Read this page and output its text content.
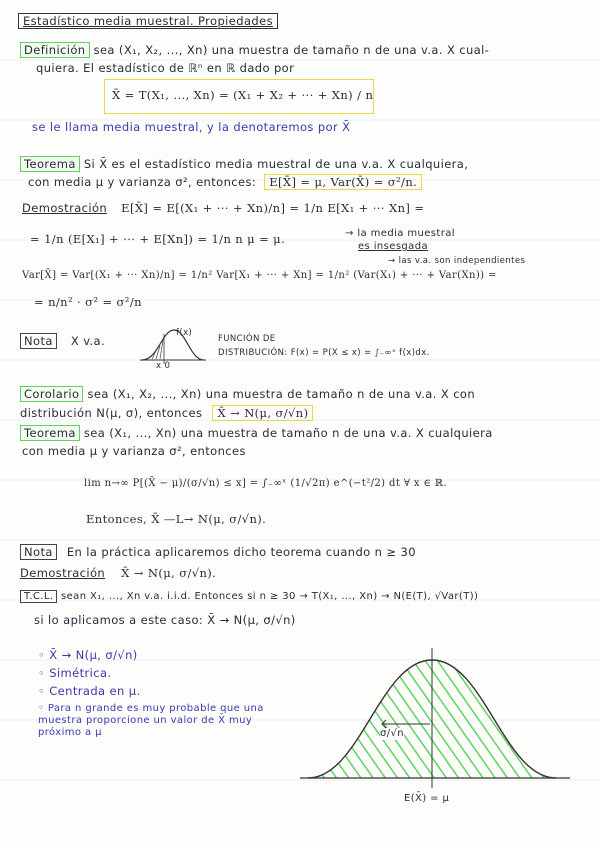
Estadístico media muestral. Propiedades
Definición sea (X₁, X₂, ..., Xn) una muestra de tamaño n de una v.a. X cual-
quiera. El estadístico de ℝⁿ en ℝ dado por
X̄ = T(X₁, ..., Xn) = (X₁ + X₂ + ··· + Xn) / n
se le llama media muestral, y la denotaremos por X̄
Teorema Si X̄ es el estadístico media muestral de una v.a. X cualquiera,
con media μ y varianza σ², entonces: E[X̄] = μ, Var(X̄) = σ²/n.
Demostración E[X̄] = E[(X₁ + ··· + Xn)/n] = 1/n E[X₁ + ··· Xn] =
= 1/n (E[X₁] + ··· + E[Xn]) = 1/n n μ = μ.	→ la media muestral
es insesgada
Var[X̄] = Var[(X₁ + ··· Xn)/n] = 1/n² Var[X₁ + ··· + Xn] = 1/n² (Var(X₁) + ··· + Var(Xn)) =
→ las v.a. son independientes
= n/n² · σ² = σ²/n
Nota X v.a.
f(x)
x 0
FUNCIÓN DE
DISTRIBUCIÓN: F(x) = P(X ≤ x) = ∫₋∞ˣ f(x)dx.
Corolario sea (X₁, X₂, ..., Xn) una muestra de tamaño n de una v.a. X con
distribución N(μ, σ), entonces X̄ → N(μ, σ/√n)
Teorema sea (X₁, ..., Xn) una muestra de tamaño n de una v.a. X cualquiera
con media μ y varianza σ², entonces
lim n→∞ P[(X̄ − μ)/(σ/√n) ≤ x] = ∫₋∞ˣ (1/√2π) e^(−t²/2) dt ∀ x ∈ ℝ.
Entonces, X̄ —L→ N(μ, σ/√n).
Nota En la práctica aplicaremos dicho teorema cuando n ≥ 30
Demostración X̄ → N(μ, σ/√n).
T.C.L. sean X₁, ..., Xn v.a. i.i.d. Entonces si n ≥ 30 → T(X₁, ..., Xn) → N(E(T), √Var(T))
si lo aplicamos a este caso: X̄ → N(μ, σ/√n)
◦ X̄ → N(μ, σ/√n)
◦ Simétrica.
◦ Centrada en μ.
◦ Para n grande es muy probable que una muestra proporcione un valor de X̄ muy próximo a μ	σ/√n
E(X̄) = μ
